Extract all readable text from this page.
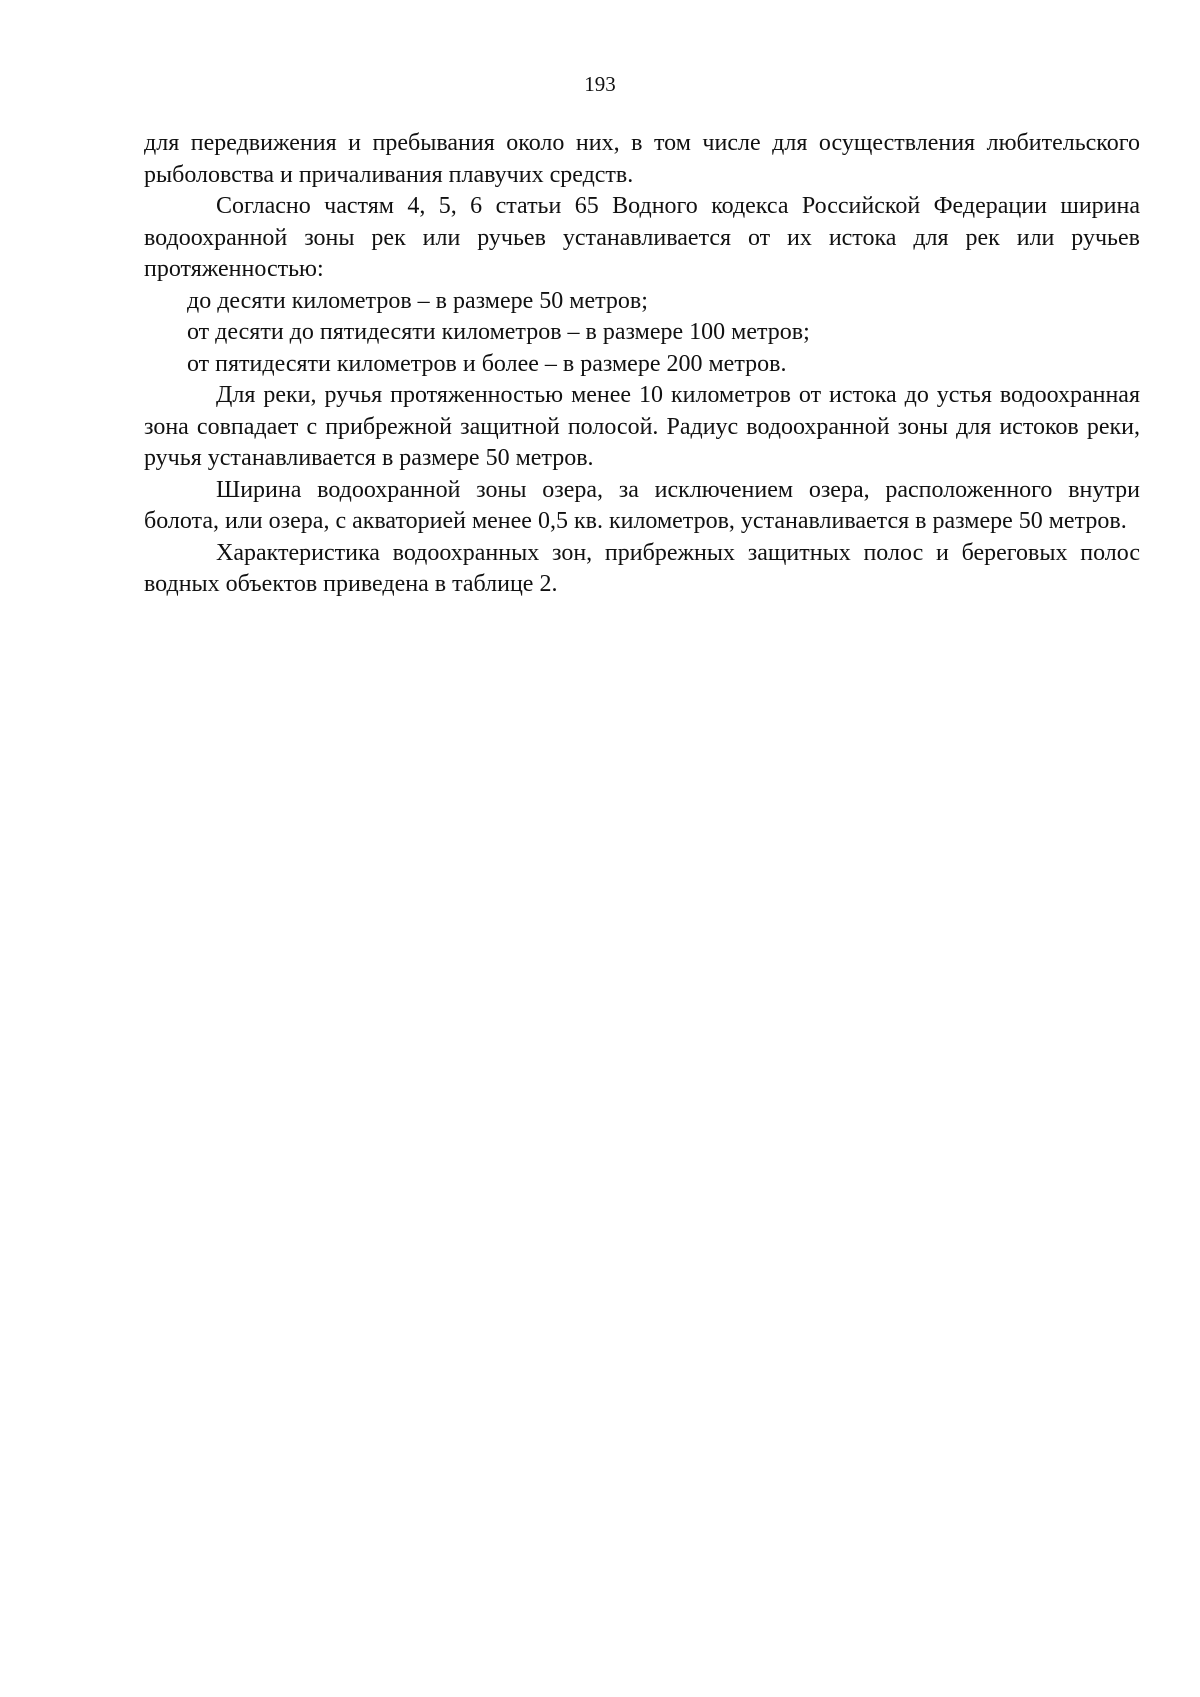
193

для передвижения и пребывания около них, в том числе для осуществления любительского рыболовства и причаливания плавучих средств.

Согласно частям 4, 5, 6 статьи 65 Водного кодекса Российской Федерации ширина водоохранной зоны рек или ручьев устанавливается от их истока для рек или ручьев протяженностью:

до десяти километров – в размере 50 метров;

от десяти до пятидесяти километров – в размере 100 метров;

от пятидесяти километров и более – в размере 200 метров.

Для реки, ручья протяженностью менее 10 километров от истока до устья водоохранная зона совпадает с прибрежной защитной полосой. Радиус водоохранной зоны для истоков реки, ручья устанавливается в размере 50 метров.

Ширина водоохранной зоны озера, за исключением озера, расположенного внутри болота, или озера, с акваторией менее 0,5 кв. километров, устанавливается в размере 50 метров.

Характеристика водоохранных зон, прибрежных защитных полос и береговых полос водных объектов приведена в таблице 2.
